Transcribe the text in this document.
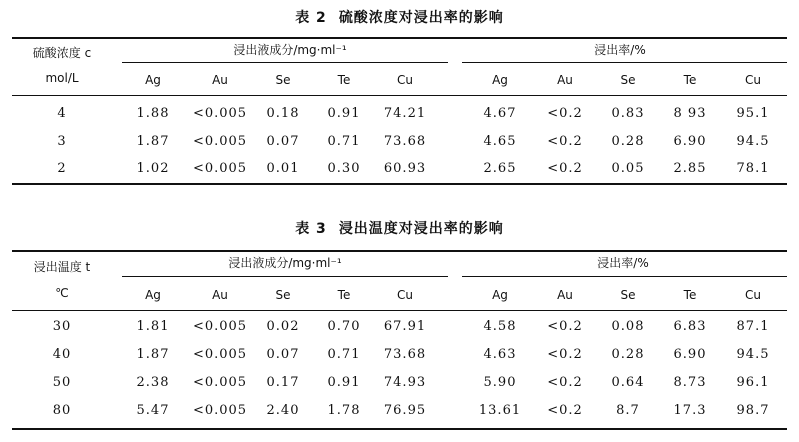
表 2 硫酸浓度对浸出率的影响
硫酸浓度 c
mol/L
浸出液成分/mg·ml⁻¹	浸出率/%
Ag	Au	Se	Te	Cu	Ag	Au	Se	Te	Cu
4	1.88 <0.005 0.18 0.91 74.21	4.67 <0.2 0.83 8 93 95.1
3	1.87 <0.005 0.07 0.71 73.68	4.65 <0.2 0.28 6.90 94.5
2	1.02 <0.005 0.01 0.30 60.93	2.65 <0.2 0.05 2.85 78.1
表 3 浸出温度对浸出率的影响
浸出温度 t
℃
浸出液成分/mg·ml⁻¹	浸出率/%
Ag	Au	Se	Te	Cu	Ag	Au	Se	Te	Cu
30	1.81 <0.005 0.02 0.70 67.91	4.58 <0.2 0.08 6.83 87.1
40	1.87 <0.005 0.07 0.71 73.68	4.63 <0.2 0.28 6.90 94.5
50	2.38 <0.005 0.17 0.91 74.93	5.90 <0.2 0.64 8.73 96.1
80	5.47 <0.005 2.40 1.78 76.95	13.61 <0.2	8.7	17.3 98.7
